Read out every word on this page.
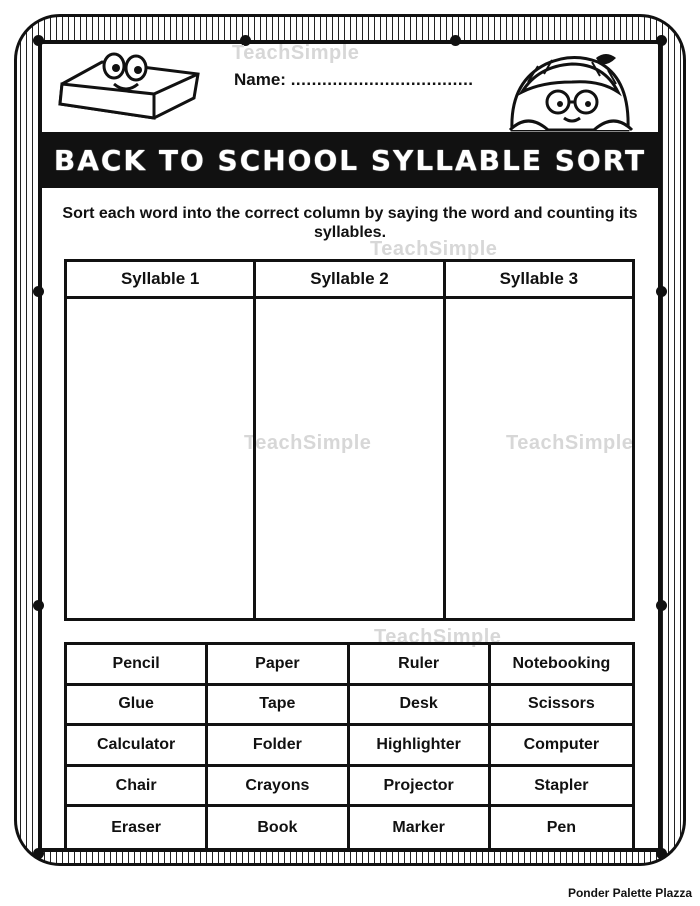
TeachSimple
TeachSimple
TeachSimple	TeachSimple
TeachSimple
Name: ...................................
BACK TO SCHOOL SYLLABLE SORT
Sort each word into the correct column by saying the word and counting its syllables.
Syllable 1	Syllable 2	Syllable 3
Pencil	Paper	Ruler	Notebooking
Glue	Tape	Desk	Scissors
Calculator	Folder	Highlighter	Computer
Chair	Crayons	Projector	Stapler
Eraser	Book	Marker	Pen
Ponder Palette Plazza
